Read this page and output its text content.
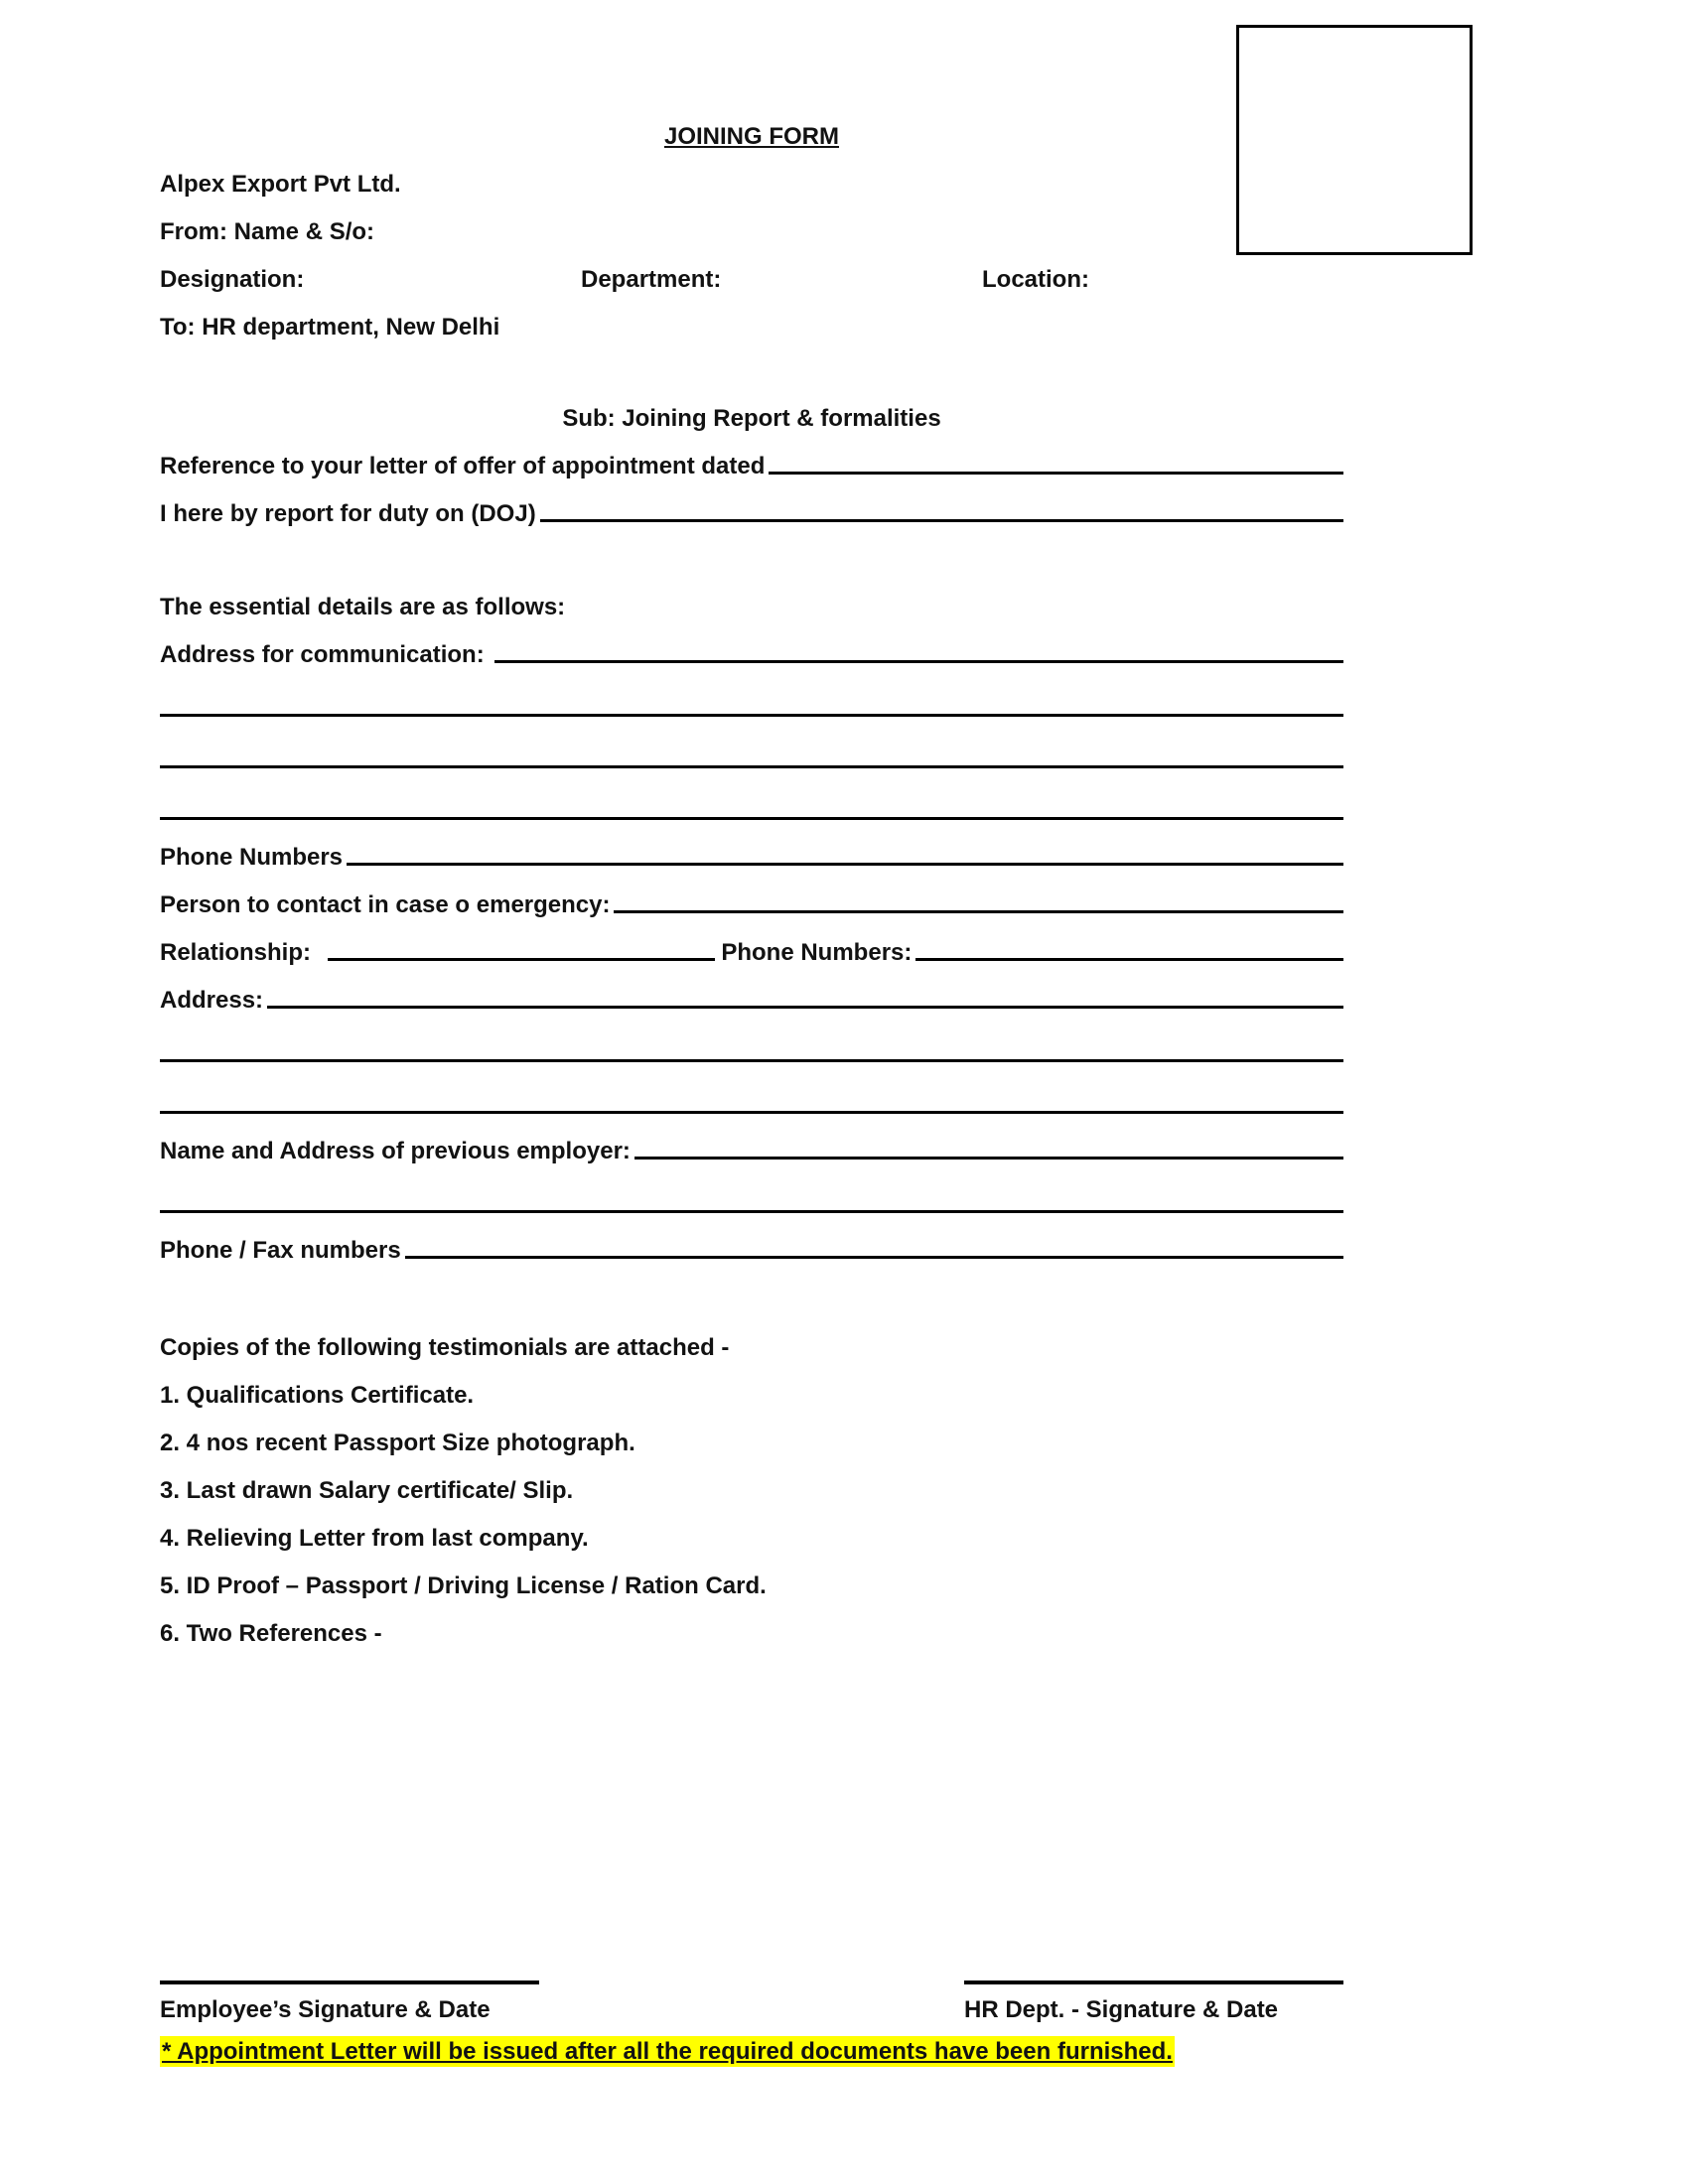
JOINING FORM
Alpex Export Pvt Ltd.
From: Name & S/o:
Designation:	Department:	Location:
To: HR department, New Delhi
Sub: Joining Report & formalities
Reference to your letter of offer of appointment dated
I here by report for duty on (DOJ)
The essential details are as follows:
Address for communication:
Phone Numbers
Person to contact in case o emergency:
Relationship:	Phone Numbers:
Address:
Name and Address of previous employer:
Phone / Fax numbers
Copies of the following testimonials are attached -
1. Qualifications Certificate.
2. 4 nos recent Passport Size photograph.
3. Last drawn Salary certificate/ Slip.
4. Relieving Letter from last company.
5. ID Proof – Passport / Driving License / Ration Card.
6. Two References -
Employee’s Signature & Date	HR Dept. - Signature & Date
* Appointment Letter will be issued after all the required documents have been furnished.
